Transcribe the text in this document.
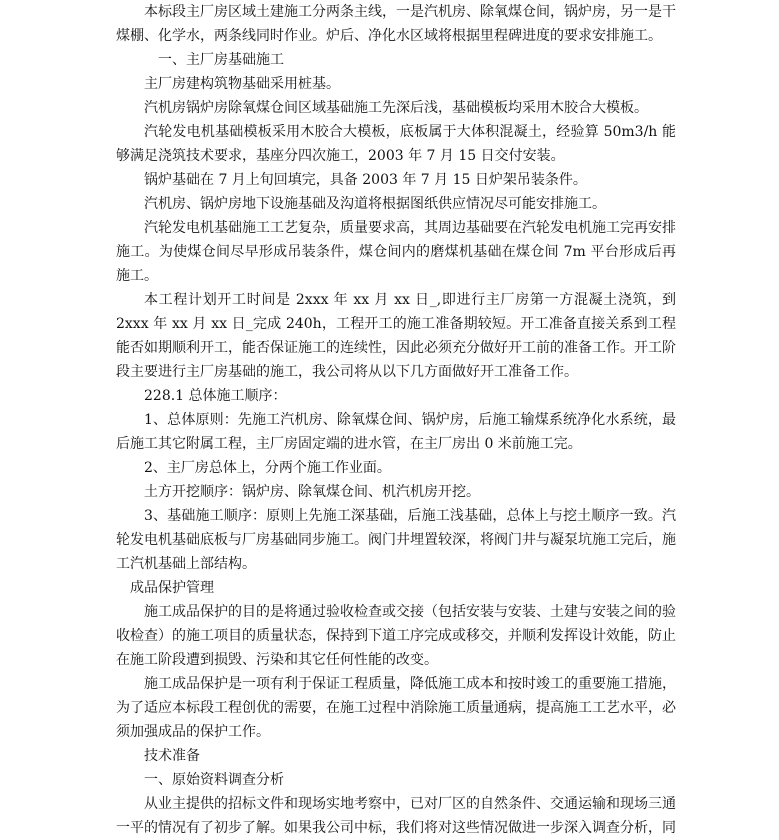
本标段主厂房区域土建施工分两条主线，一是汽机房、除氧煤仓间，锅炉房，另一是干煤棚、化学水，两条线同时作业。炉后、净化水区域将根据里程碑进度的要求安排施工。

一、主厂房基础施工

主厂房建构筑物基础采用桩基。

汽机房锅炉房除氧煤仓间区域基础施工先深后浅，基础模板均采用木胶合大模板。

汽轮发电机基础模板采用木胶合大模板，底板属于大体积混凝土，经验算 50m3/h 能够满足浇筑技术要求，基座分四次施工，2003 年 7 月 15 日交付安装。

锅炉基础在 7 月上旬回填完，具备 2003 年 7 月 15 日炉架吊装条件。

汽机房、锅炉房地下设施基础及沟道将根据图纸供应情况尽可能安排施工。

汽轮发电机基础施工工艺复杂，质量要求高，其周边基础要在汽轮发电机施工完再安排施工。为使煤仓间尽早形成吊装条件，煤仓间内的磨煤机基础在煤仓间 7m 平台形成后再施工。

本工程计划开工时间是 2xxx 年 xx 月 xx 日_,即进行主厂房第一方混凝土浇筑，到 2xxx 年 xx 月 xx 日_完成 240h，工程开工的施工准备期较短。开工准备直接关系到工程能否如期顺利开工，能否保证施工的连续性，因此必须充分做好开工前的准备工作。开工阶段主要进行主厂房基础的施工，我公司将从以下几方面做好开工准备工作。

228.1 总体施工顺序：

1、总体原则：先施工汽机房、除氧煤仓间、锅炉房，后施工输煤系统净化水系统，最后施工其它附属工程，主厂房固定端的进水管，在主厂房出 0 米前施工完。

2、主厂房总体上，分两个施工作业面。

土方开挖顺序：锅炉房、除氧煤仓间、机汽机房开挖。

3、基础施工顺序：原则上先施工深基础，后施工浅基础，总体上与挖土顺序一致。汽轮发电机基础底板与厂房基础同步施工。阀门井埋置较深，将阀门井与凝泵坑施工完后，施工汽机基础上部结构。

成品保护管理

施工成品保护的目的是将通过验收检查或交接（包括安装与安装、土建与安装之间的验收检查）的施工项目的质量状态，保持到下道工序完成或移交，并顺利发挥设计效能，防止在施工阶段遭到损毁、污染和其它任何性能的改变。

施工成品保护是一项有利于保证工程质量，降低施工成本和按时竣工的重要施工措施，为了适应本标段工程创优的需要，在施工过程中消除施工质量通病，提高施工工艺水平，必须加强成品的保护工作。

技术准备

一、原始资料调查分析

从业主提供的招标文件和现场实地考察中，已对厂区的自然条件、交通运输和现场三通一平的情况有了初步了解。如果我公司中标，我们将对这些情况做进一步深入调查分析，同
